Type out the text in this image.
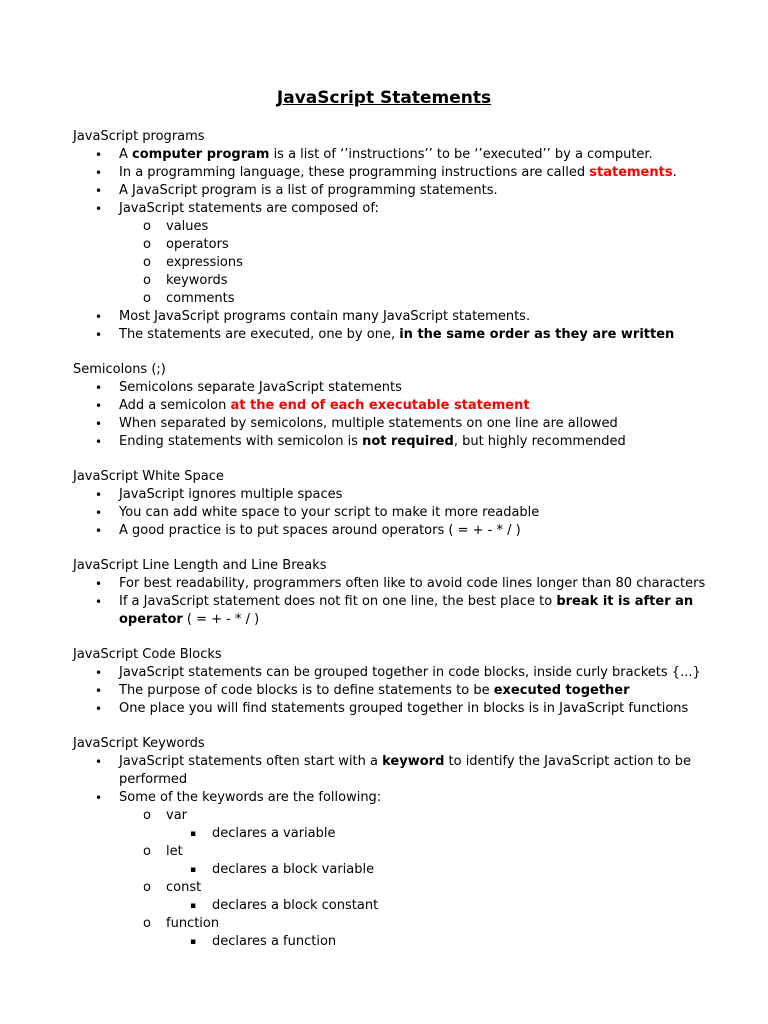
JavaScript Statements
JavaScript programs
• A computer program is a list of ‘’instructions’’ to be ‘’executed’’ by a computer.
• In a programming language, these programming instructions are called statements.
• A JavaScript program is a list of programming statements.
• JavaScript statements are composed of:
o values
o operators
o expressions
o keywords
o comments
• Most JavaScript programs contain many JavaScript statements.
• The statements are executed, one by one, in the same order as they are written
Semicolons (;)
• Semicolons separate JavaScript statements
• Add a semicolon at the end of each executable statement
• When separated by semicolons, multiple statements on one line are allowed
• Ending statements with semicolon is not required, but highly recommended
JavaScript White Space
• JavaScript ignores multiple spaces
• You can add white space to your script to make it more readable
• A good practice is to put spaces around operators ( = + - * / )
JavaScript Line Length and Line Breaks
• For best readability, programmers often like to avoid code lines longer than 80 characters
• If a JavaScript statement does not fit on one line, the best place to break it is after an operator ( = + - * / )
JavaScript Code Blocks
• JavaScript statements can be grouped together in code blocks, inside curly brackets {...}
• The purpose of code blocks is to define statements to be executed together
• One place you will find statements grouped together in blocks is in JavaScript functions
JavaScript Keywords
• JavaScript statements often start with a keyword to identify the JavaScript action to be performed
• Some of the keywords are the following:
o var
▪ declares a variable
o let
▪ declares a block variable
o const
▪ declares a block constant
o function
▪ declares a function
